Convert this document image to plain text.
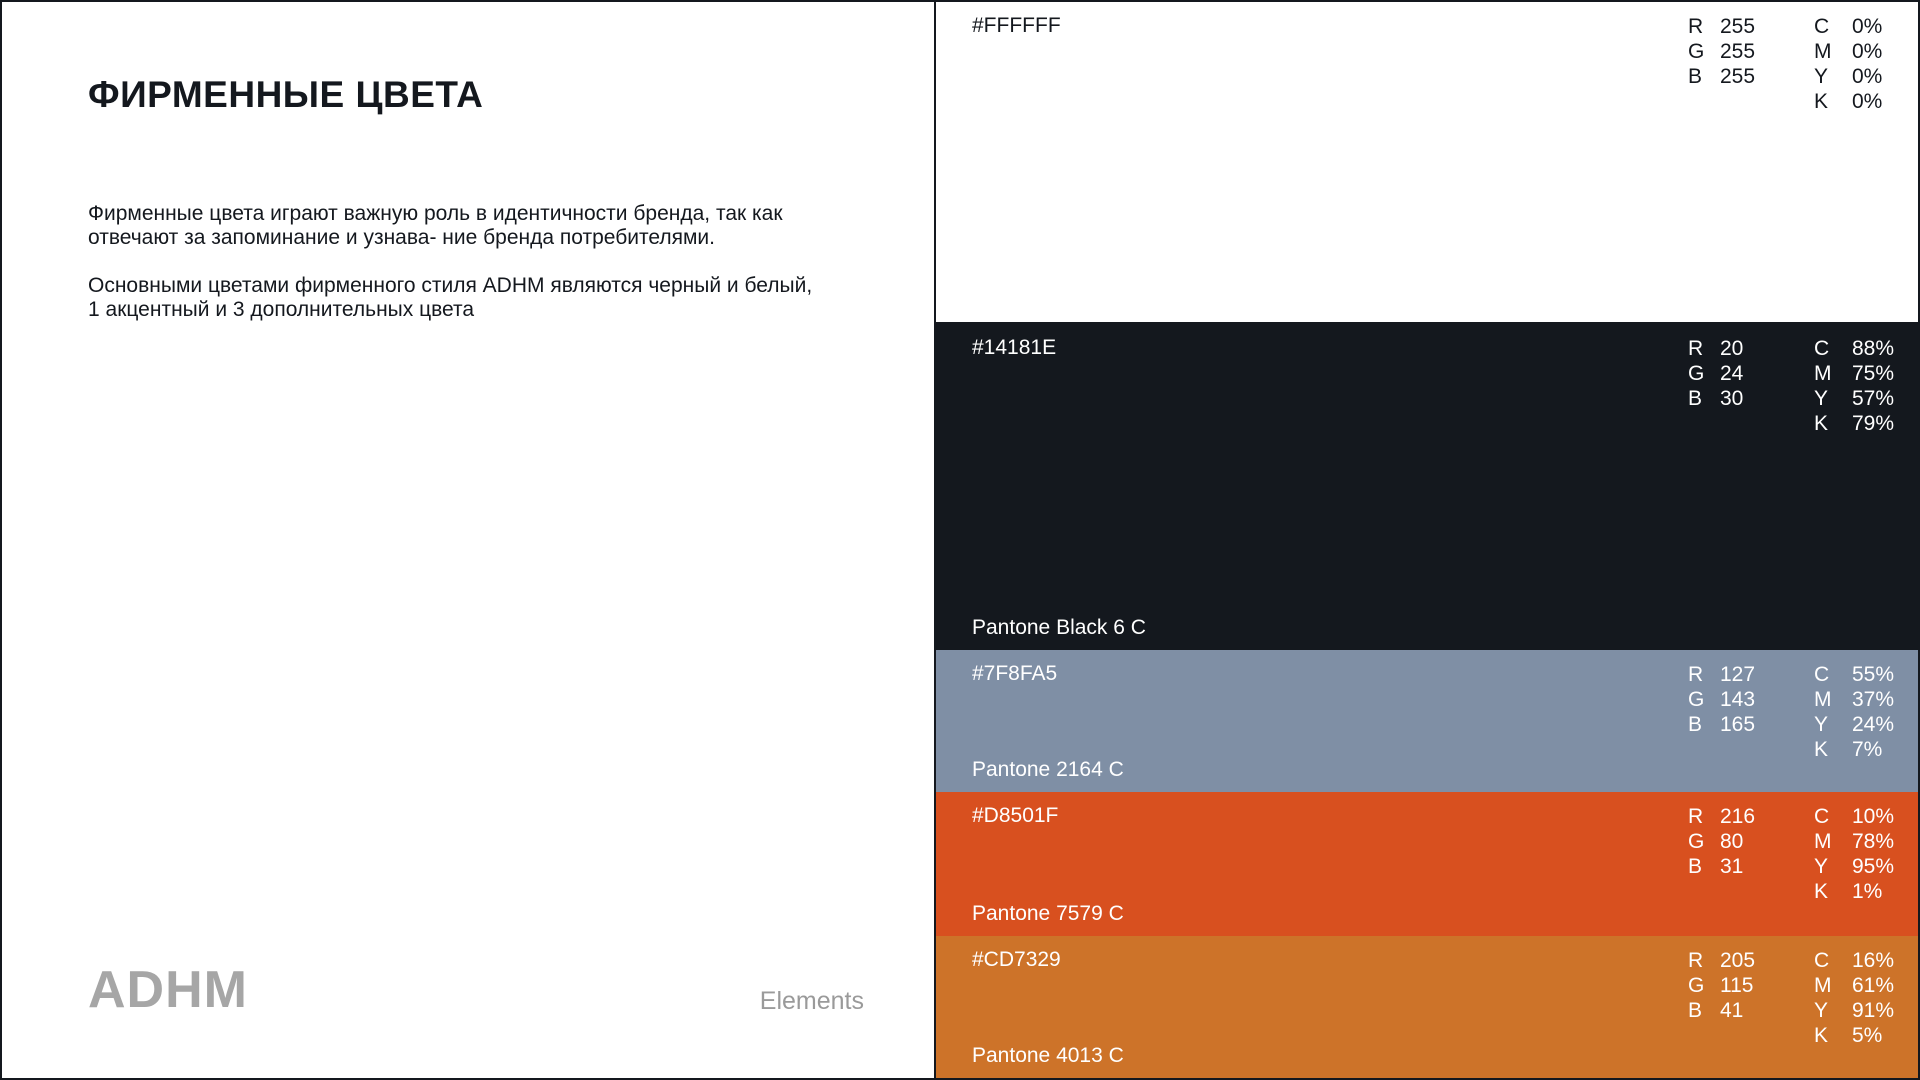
ФИРМЕННЫЕ ЦВЕТА

Фирменные цвета играют важную роль в идентичности бренда, так как
отвечают за запоминание и узнава- ние бренда потребителями.

Основными цветами фирменного стиля ADHM являются черный и белый,
1 акцентный и 3 дополнительных цвета

ADHM	Elements
#FFFFFF	R 255
G 255
B 255
C	0%
M 0%
Y	0%
K	0%
#14181E	R 20
G 24
B 30
C	88%
M 75%
Y	57%
K	79%
Pantone Black 6 C
#7F8FA5	R 127
G 143
B 165
C	55%
M 37%
Y	24%
K	7%
Pantone 2164 C
#D8501F	R 216
G 80
B 31
C	10%
M 78%
Y	95%
K	1%
Pantone 7579 C
#CD7329	R 205
G 115
B 41
C	16%
M 61%
Y	91%
K	5%
Pantone 4013 C
